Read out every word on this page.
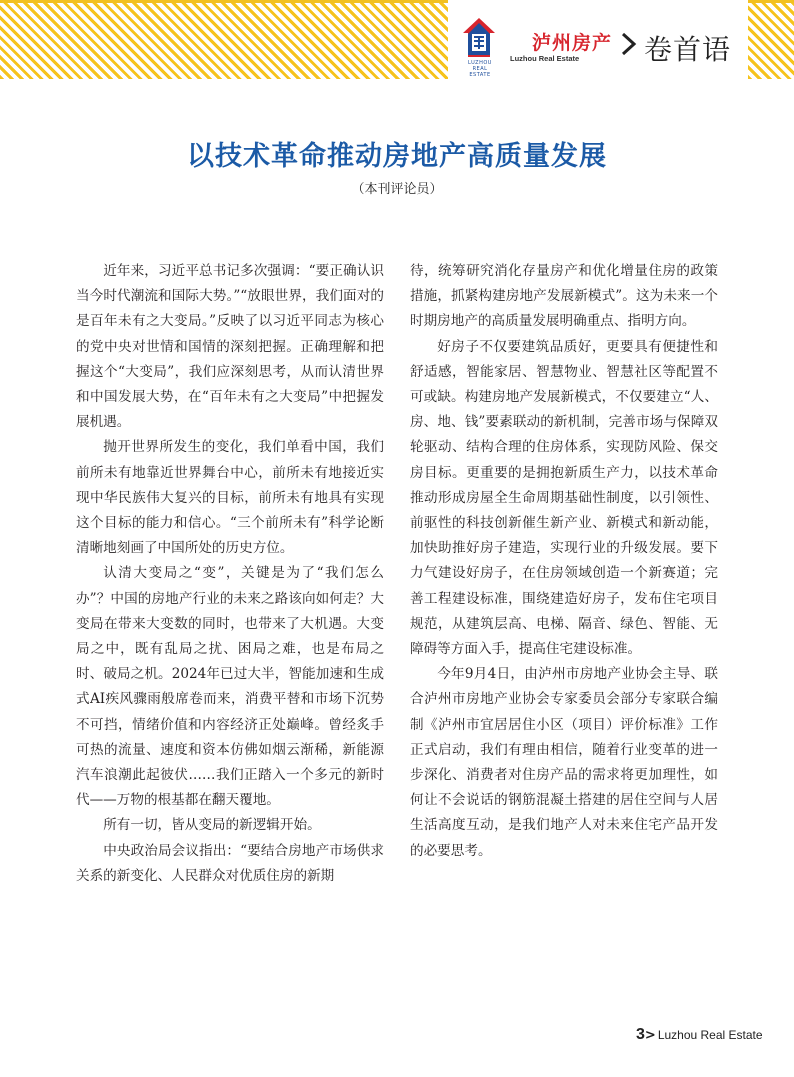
LUZHOU REAL ESTATE
泸州房产
Luzhou Real Estate 卷首语
以技术革命推动房地产高质量发展
（本刊评论员）

近年来，习近平总书记多次强调：“要正确认识当今时代潮流和国际大势。”“放眼世界，我们面对的是百年未有之大变局。”反映了以习近平同志为核心的党中央对世情和国情的深刻把握。正确理解和把握这个“大变局”，我们应深刻思考，从而认清世界和中国发展大势，在“百年未有之大变局”中把握发展机遇。

抛开世界所发生的变化，我们单看中国，我们前所未有地靠近世界舞台中心，前所未有地接近实现中华民族伟大复兴的目标，前所未有地具有实现这个目标的能力和信心。“三个前所未有”科学论断清晰地刻画了中国所处的历史方位。

认清大变局之“变”，关键是为了“我们怎么办”？中国的房地产行业的未来之路该向如何走？大变局在带来大变数的同时，也带来了大机遇。大变局之中，既有乱局之扰、困局之难，也是布局之时、破局之机。2024年已过大半，智能加速和生成式AI疾风骤雨般席卷而来，消费平替和市场下沉势不可挡，情绪价值和内容经济正处巅峰。曾经炙手可热的流量、速度和资本仿佛如烟云渐稀，新能源汽车浪潮此起彼伏……我们正踏入一个多元的新时代——万物的根基都在翻天覆地。

所有一切，皆从变局的新逻辑开始。

中央政治局会议指出：“要结合房地产市场供求关系的新变化、人民群众对优质住房的新期

待，统筹研究消化存量房产和优化增量住房的政策措施，抓紧构建房地产发展新模式”。这为未来一个时期房地产的高质量发展明确重点、指明方向。

好房子不仅要建筑品质好，更要具有便捷性和舒适感，智能家居、智慧物业、智慧社区等配置不可或缺。构建房地产发展新模式，不仅要建立“人、房、地、钱”要素联动的新机制，完善市场与保障双轮驱动、结构合理的住房体系，实现防风险、保交房目标。更重要的是拥抱新质生产力，以技术革命推动形成房屋全生命周期基础性制度，以引领性、前驱性的科技创新催生新产业、新模式和新动能，加快助推好房子建造，实现行业的升级发展。要下力气建设好房子，在住房领域创造一个新赛道；完善工程建设标准，围绕建造好房子，发布住宅项目规范，从建筑层高、电梯、隔音、绿色、智能、无障碍等方面入手，提高住宅建设标准。

今年9月4日，由泸州市房地产业协会主导、联合泸州市房地产业协会专家委员会部分专家联合编制《泸州市宜居居住小区（项目）评价标准》工作正式启动，我们有理由相信，随着行业变革的进一步深化、消费者对住房产品的需求将更加理性，如何让不会说话的钢筋混凝土搭建的居住空间与人居生活高度互动，是我们地产人对未来住宅产品开发的必要思考。

3> Luzhou Real Estate
